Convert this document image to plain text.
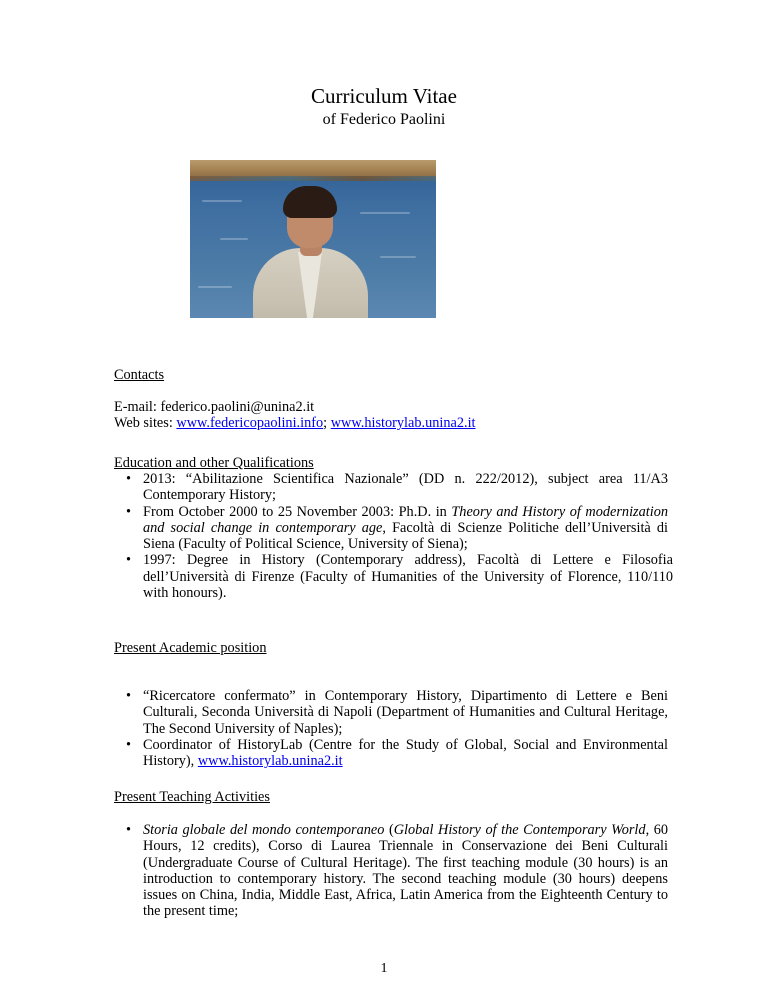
Curriculum Vitae
of Federico Paolini
Contacts
E-mail: federico.paolini@unina2.it
Web sites: www.federicopaolini.info; www.historylab.unina2.it
Education and other Qualifications
• 2013: “Abilitazione Scientifica Nazionale” (DD n. 222/2012), subject area 11/A3 Contemporary History;
• From October 2000 to 25 November 2003: Ph.D. in Theory and History of modernization and social change in contemporary age, Facoltà di Scienze Politiche dell’Università di Siena (Faculty of Political Science, University of Siena);
• 1997: Degree in History (Contemporary address), Facoltà di Lettere e Filosofia dell’Università di Firenze (Faculty of Humanities of the University of Florence, 110/110 with honours).
Present Academic position
• “Ricercatore confermato” in Contemporary History, Dipartimento di Lettere e Beni Culturali, Seconda Università di Napoli (Department of Humanities and Cultural Heritage, The Second University of Naples);
• Coordinator of HistoryLab (Centre for the Study of Global, Social and Environmental History), www.historylab.unina2.it
Present Teaching Activities
• Storia globale del mondo contemporaneo (Global History of the Contemporary World, 60 Hours, 12 credits), Corso di Laurea Triennale in Conservazione dei Beni Culturali (Undergraduate Course of Cultural Heritage). The first teaching module (30 hours) is an introduction to contemporary history. The second teaching module (30 hours) deepens issues on China, India, Middle East, Africa, Latin America from the Eighteenth Century to the present time;
1
